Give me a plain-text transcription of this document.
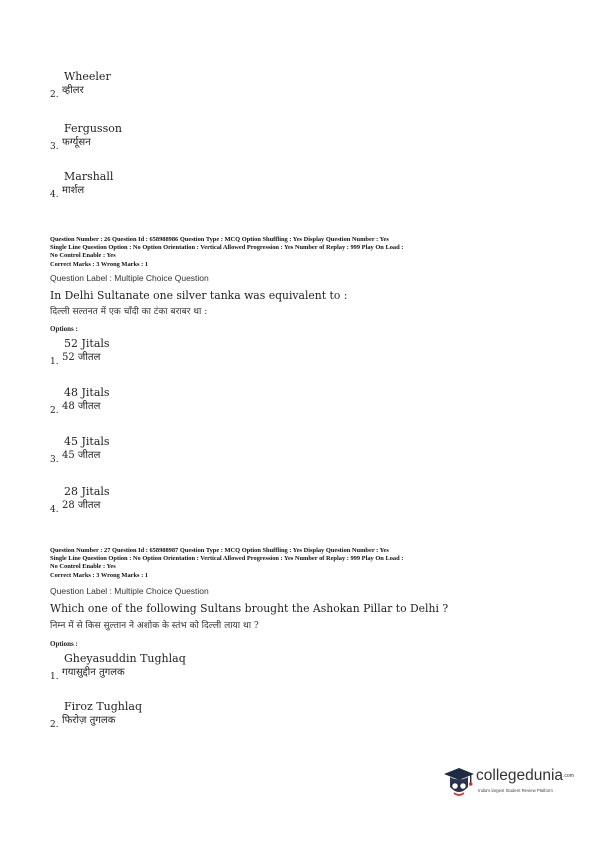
Wheeler
2. व्हीलर
Fergusson
3. फर्ग्यूसन
Marshall
4. मार्शल
Question Number : 26 Question Id : 658988986 Question Type : MCQ Option Shuffling : Yes Display Question Number : Yes
Single Line Question Option : No Option Orientation : Vertical Allowed Progression : Yes Number of Replay : 999 Play On Load :
No Control Enable : Yes
Correct Marks : 3 Wrong Marks : 1
Question Label : Multiple Choice Question
In Delhi Sultanate one silver tanka was equivalent to :
दिल्ली सल्तनत में एक चाँदी का टंका बराबर था :
Options :
52 Jitals
1. 52 जीतल
48 Jitals
2. 48 जीतल
45 Jitals
3. 45 जीतल
28 Jitals
4. 28 जीतल
Question Number : 27 Question Id : 658988987 Question Type : MCQ Option Shuffling : Yes Display Question Number : Yes
Single Line Question Option : No Option Orientation : Vertical Allowed Progression : Yes Number of Replay : 999 Play On Load :
No Control Enable : Yes
Correct Marks : 3 Wrong Marks : 1
Question Label : Multiple Choice Question
Which one of the following Sultans brought the Ashokan Pillar to Delhi ?
निम्न में से किस सुल्तान ने अशोक के स्तंभ को दिल्ली लाया था ?
Options :
Gheyasuddin Tughlaq
1. गयासुद्दीन तुगलक
Firoz Tughlaq
2. फिरोज़ तुगलक
collegedunia$^{.com}$
India's largest Student Review Platform
